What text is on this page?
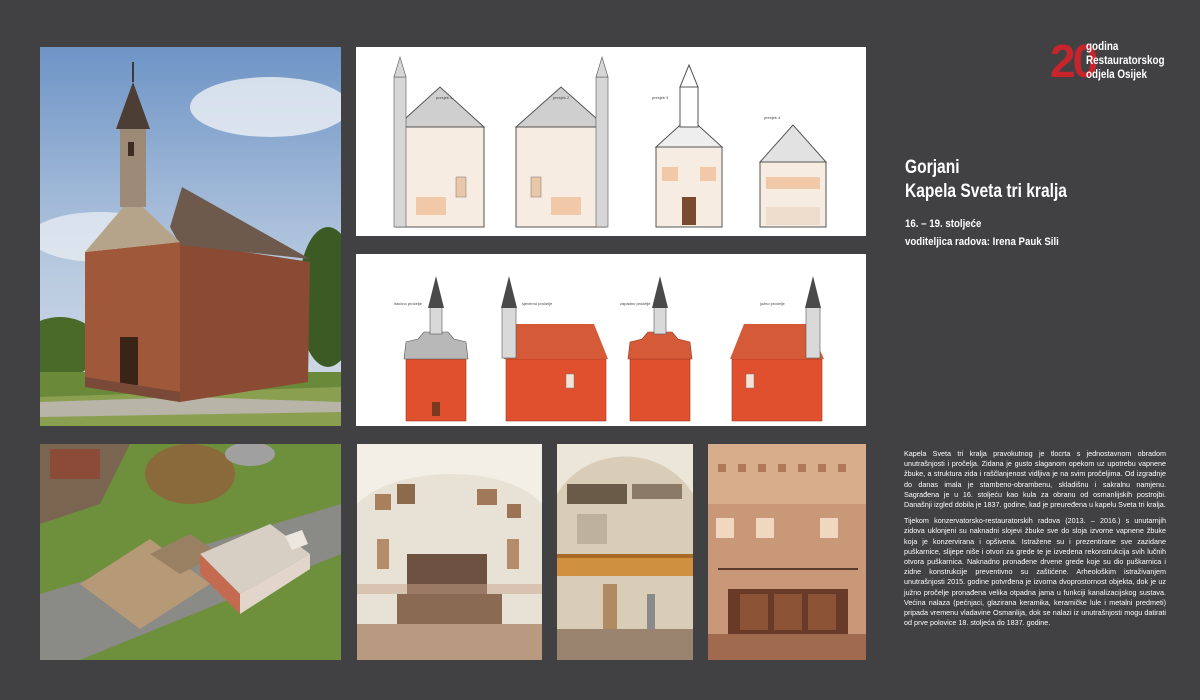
presjek 1	presjek 2	presjek 3
presjek 4
istočno pročelje	sjeverno pročelje	zapadno pročelje	južno pročelje
20
godina
Restauratorskog
odjela Osijek
Gorjani
Kapela Sveta tri kralja
16. – 19. stoljeće
voditeljica radova: Irena Pauk Sili

Kapela Sveta tri kralja pravokutnog je tlocrta s jednostavnom obradom unutrašnjosti i pročelja. Zidana je gusto slaganom opekom uz upotrebu vapnene žbuke, a struktura zida i raščlanjenost vidljiva je na svim pročeljima. Od izgradnje do danas imala je stambeno-obrambenu, skladišnu i sakralnu namjenu. Sagrađena je u 16. stoljeću kao kula za obranu od osmanlijskih postrojbi. Današnji izgled dobila je 1837. godine, kad je preuređena u kapelu Sveta tri kralja.

Tijekom konzervatorsko-restauratorskih radova (2013. – 2016.) s unutarnjih zidova uklonjeni su naknadni slojevi žbuke sve do sloja izvorne vapnene žbuke koja je konzervirana i opšivena. Istražene su i prezentirane sve zazidane puškarnice, slijepe niše i otvori za grede te je izvedena rekonstrukcija svih lučnih otvora puškarnica. Naknadno pronađene drvene grede koje su dio puškarnica i zidne konstrukcije preventivno su zaštićene. Arheološkim istraživanjem unutrašnjosti 2015. godine potvrđena je izvorna dvoprostornost objekta, dok je uz južno pročelje pronađena velika otpadna jama u funkciji kanalizacijskog sustava. Većina nalaza (pećnjaci, glazirana keramika, keramičke lule i metalni predmeti) pripada vremenu vladavine Osmanlija, dok se nalazi iz unutrašnjosti mogu datirati od prve polovice 18. stoljeća do 1837. godine.
